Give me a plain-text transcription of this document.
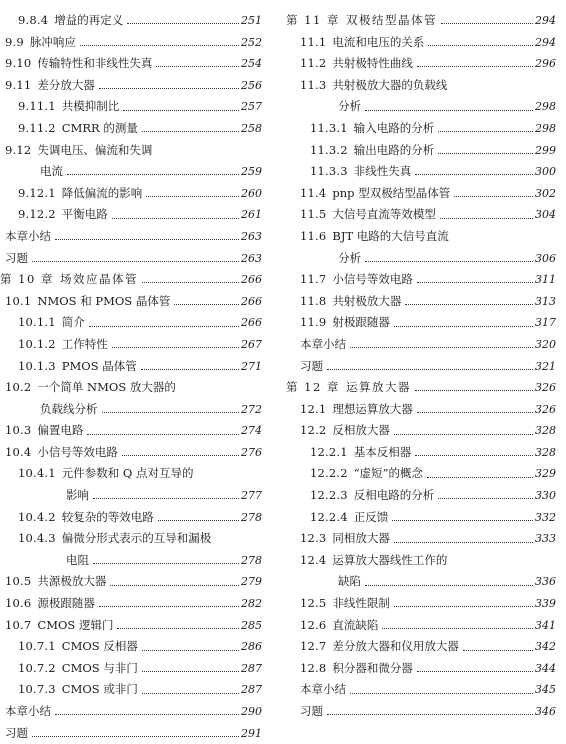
9.8.4 增益的再定义	251
9.9 脉冲响应	252
9.10 传输特性和非线性失真	254
9.11 差分放大器	256
9.11.1 共模抑制比	257
9.11.2 CMRR 的测量	258
9.12 失调电压、偏流和失调
电流	259
9.12.1 降低偏流的影响	260
9.12.2 平衡电路	261
本章小结	263
习题	263
第 10 章 场效应晶体管	266
10.1 NMOS 和 PMOS 晶体管	266
10.1.1 简介	266
10.1.2 工作特性	267
10.1.3 PMOS 晶体管	271
10.2 一个简单 NMOS 放大器的
负载线分析	272
10.3 偏置电路	274
10.4 小信号等效电路	276
10.4.1 元件参数和 Q 点对互导的
影响	277
10.4.2 较复杂的等效电路	278
10.4.3 偏微分形式表示的互导和漏极
电阻	278
10.5 共源极放大器	279
10.6 源极跟随器	282
10.7 CMOS 逻辑门	285
10.7.1 CMOS 反相器	286
10.7.2 CMOS 与非门	287
10.7.3 CMOS 或非门	287
本章小结	290
习题	291
第 11 章 双极结型晶体管	294
11.1 电流和电压的关系	294
11.2 共射极特性曲线	296
11.3 共射极放大器的负载线
分析	298
11.3.1 输入电路的分析	298
11.3.2 输出电路的分析	299
11.3.3 非线性失真	300
11.4 pnp 型双极结型晶体管	302
11.5 大信号直流等效模型	304
11.6 BJT 电路的大信号直流
分析	306
11.7 小信号等效电路	311
11.8 共射极放大器	313
11.9 射极跟随器	317
本章小结	320
习题	321
第 12 章 运算放大器	326
12.1 理想运算放大器	326
12.2 反相放大器	328
12.2.1 基本反相器	328
12.2.2 “虚短”的概念	329
12.2.3 反相电路的分析	330
12.2.4 正反馈	332
12.3 同相放大器	333
12.4 运算放大器线性工作的
缺陷	336
12.5 非线性限制	339
12.6 直流缺陷	341
12.7 差分放大器和仪用放大器	342
12.8 积分器和微分器	344
本章小结	345
习题	346
